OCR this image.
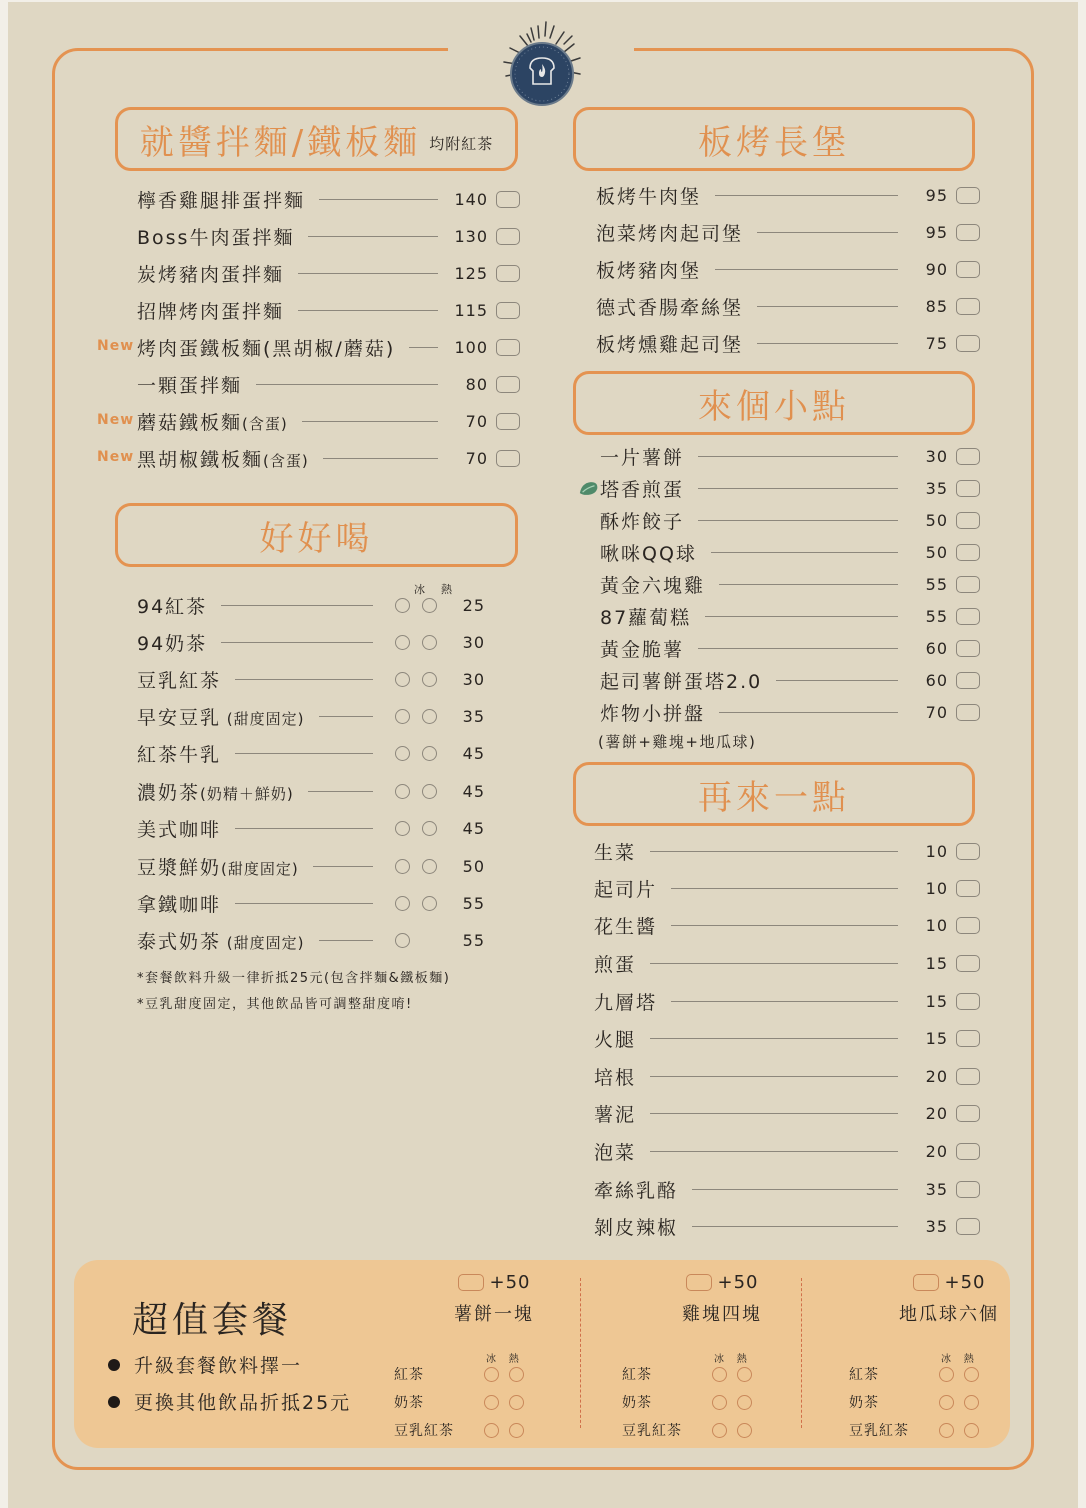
就醬拌麵/鐵板麵 均附紅茶
檸香雞腿排蛋拌麵	140
Boss牛肉蛋拌麵	130
炭烤豬肉蛋拌麵	125
招牌烤肉蛋拌麵	115
New 烤肉蛋鐵板麵(黑胡椒/蘑菇)	100
一顆蛋拌麵	80
New 蘑菇鐵板麵(含蛋)	70
New 黑胡椒鐵板麵(含蛋)	70
好好喝
冰 熱
94紅茶	25
94奶茶	30
豆乳紅茶	30
早安豆乳 (甜度固定)	35
紅茶牛乳	45
濃奶茶(奶精＋鮮奶)	45
美式咖啡	45
豆漿鮮奶(甜度固定)	50
拿鐵咖啡	55
泰式奶茶 (甜度固定)	55
*套餐飲料升級一律折抵25元(包含拌麵&鐵板麵)
*豆乳甜度固定，其他飲品皆可調整甜度唷!
板烤長堡
板烤牛肉堡	95
泡菜烤肉起司堡	95
板烤豬肉堡	90
德式香腸牽絲堡	85
板烤燻雞起司堡	75
來個小點
一片薯餅	30
塔香煎蛋	35
酥炸餃子	50
啾咪QQ球	50
黃金六塊雞	55
87蘿蔔糕	55
黃金脆薯	60
起司薯餅蛋塔2.0	60
炸物小拼盤	70
(薯餅+雞塊+地瓜球)
再來一點
生菜	10
起司片	10
花生醬	10
煎蛋	15
九層塔	15
火腿	15
培根	20
薯泥	20
泡菜	20
牽絲乳酪	35
剝皮辣椒	35
超值套餐
升級套餐飲料擇一
更換其他飲品折抵25元
+50
薯餅一塊
冰 熱
紅茶
奶茶
豆乳紅茶
+50
雞塊四塊
冰 熱
紅茶
奶茶
豆乳紅茶
+50
地瓜球六個
冰 熱
紅茶
奶茶
豆乳紅茶
